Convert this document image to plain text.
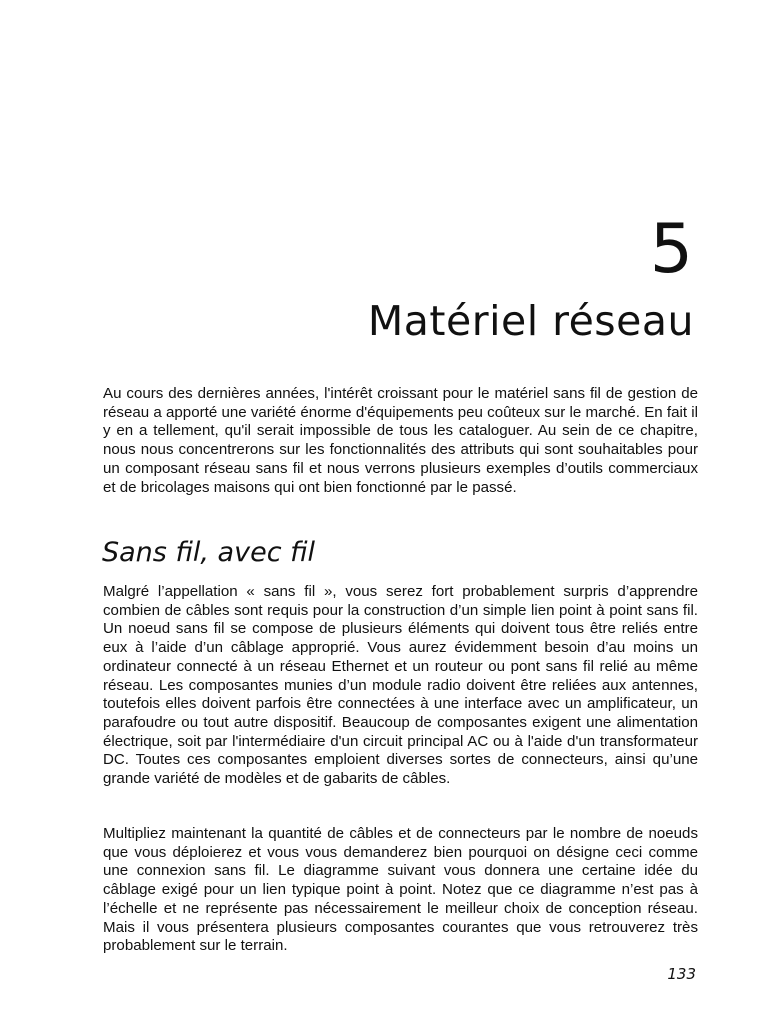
5

Matériel réseau

Au cours des dernières années, l'intérêt croissant pour le matériel sans fil de gestion de réseau a apporté une variété énorme d'équipements peu coûteux sur le marché. En fait il y en a tellement, qu'il serait impossible de tous les cataloguer. Au sein de ce chapitre, nous nous concentrerons sur les fonctionnalités des attributs qui sont souhaitables pour un composant réseau sans fil et nous verrons plusieurs exemples d’outils commerciaux et de bricolages maisons qui ont bien fonctionné par le passé.

Sans fil, avec fil

Malgré l’appellation « sans fil », vous serez fort probablement surpris d’apprendre combien de câbles sont requis pour la construction d’un simple lien point à point sans fil. Un noeud sans fil se compose de plusieurs éléments qui doivent tous être reliés entre eux à l’aide d’un câblage approprié. Vous aurez évidemment besoin d’au moins un ordinateur connecté à un réseau Ethernet et un routeur ou pont sans fil relié au même réseau. Les composantes munies d’un module radio doivent être reliées aux antennes, toutefois elles doivent parfois être connectées à une interface avec un amplificateur, un parafoudre ou tout autre dispositif. Beaucoup de composantes exigent une alimentation électrique, soit par l'intermédiaire d'un circuit principal AC ou à l'aide d'un transformateur DC. Toutes ces composantes emploient diverses sortes de connecteurs, ainsi qu’une grande variété de modèles et de gabarits de câbles.

Multipliez maintenant la quantité de câbles et de connecteurs par le nombre de noeuds que vous déploierez et vous vous demanderez bien pourquoi on désigne ceci comme une connexion sans fil. Le diagramme suivant vous donnera une certaine idée du câblage exigé pour un lien typique point à point. Notez que ce diagramme n’est pas à l’échelle et ne représente pas nécessairement le meilleur choix de conception réseau. Mais il vous présentera plusieurs composantes courantes que vous retrouverez très probablement sur le terrain.

133
